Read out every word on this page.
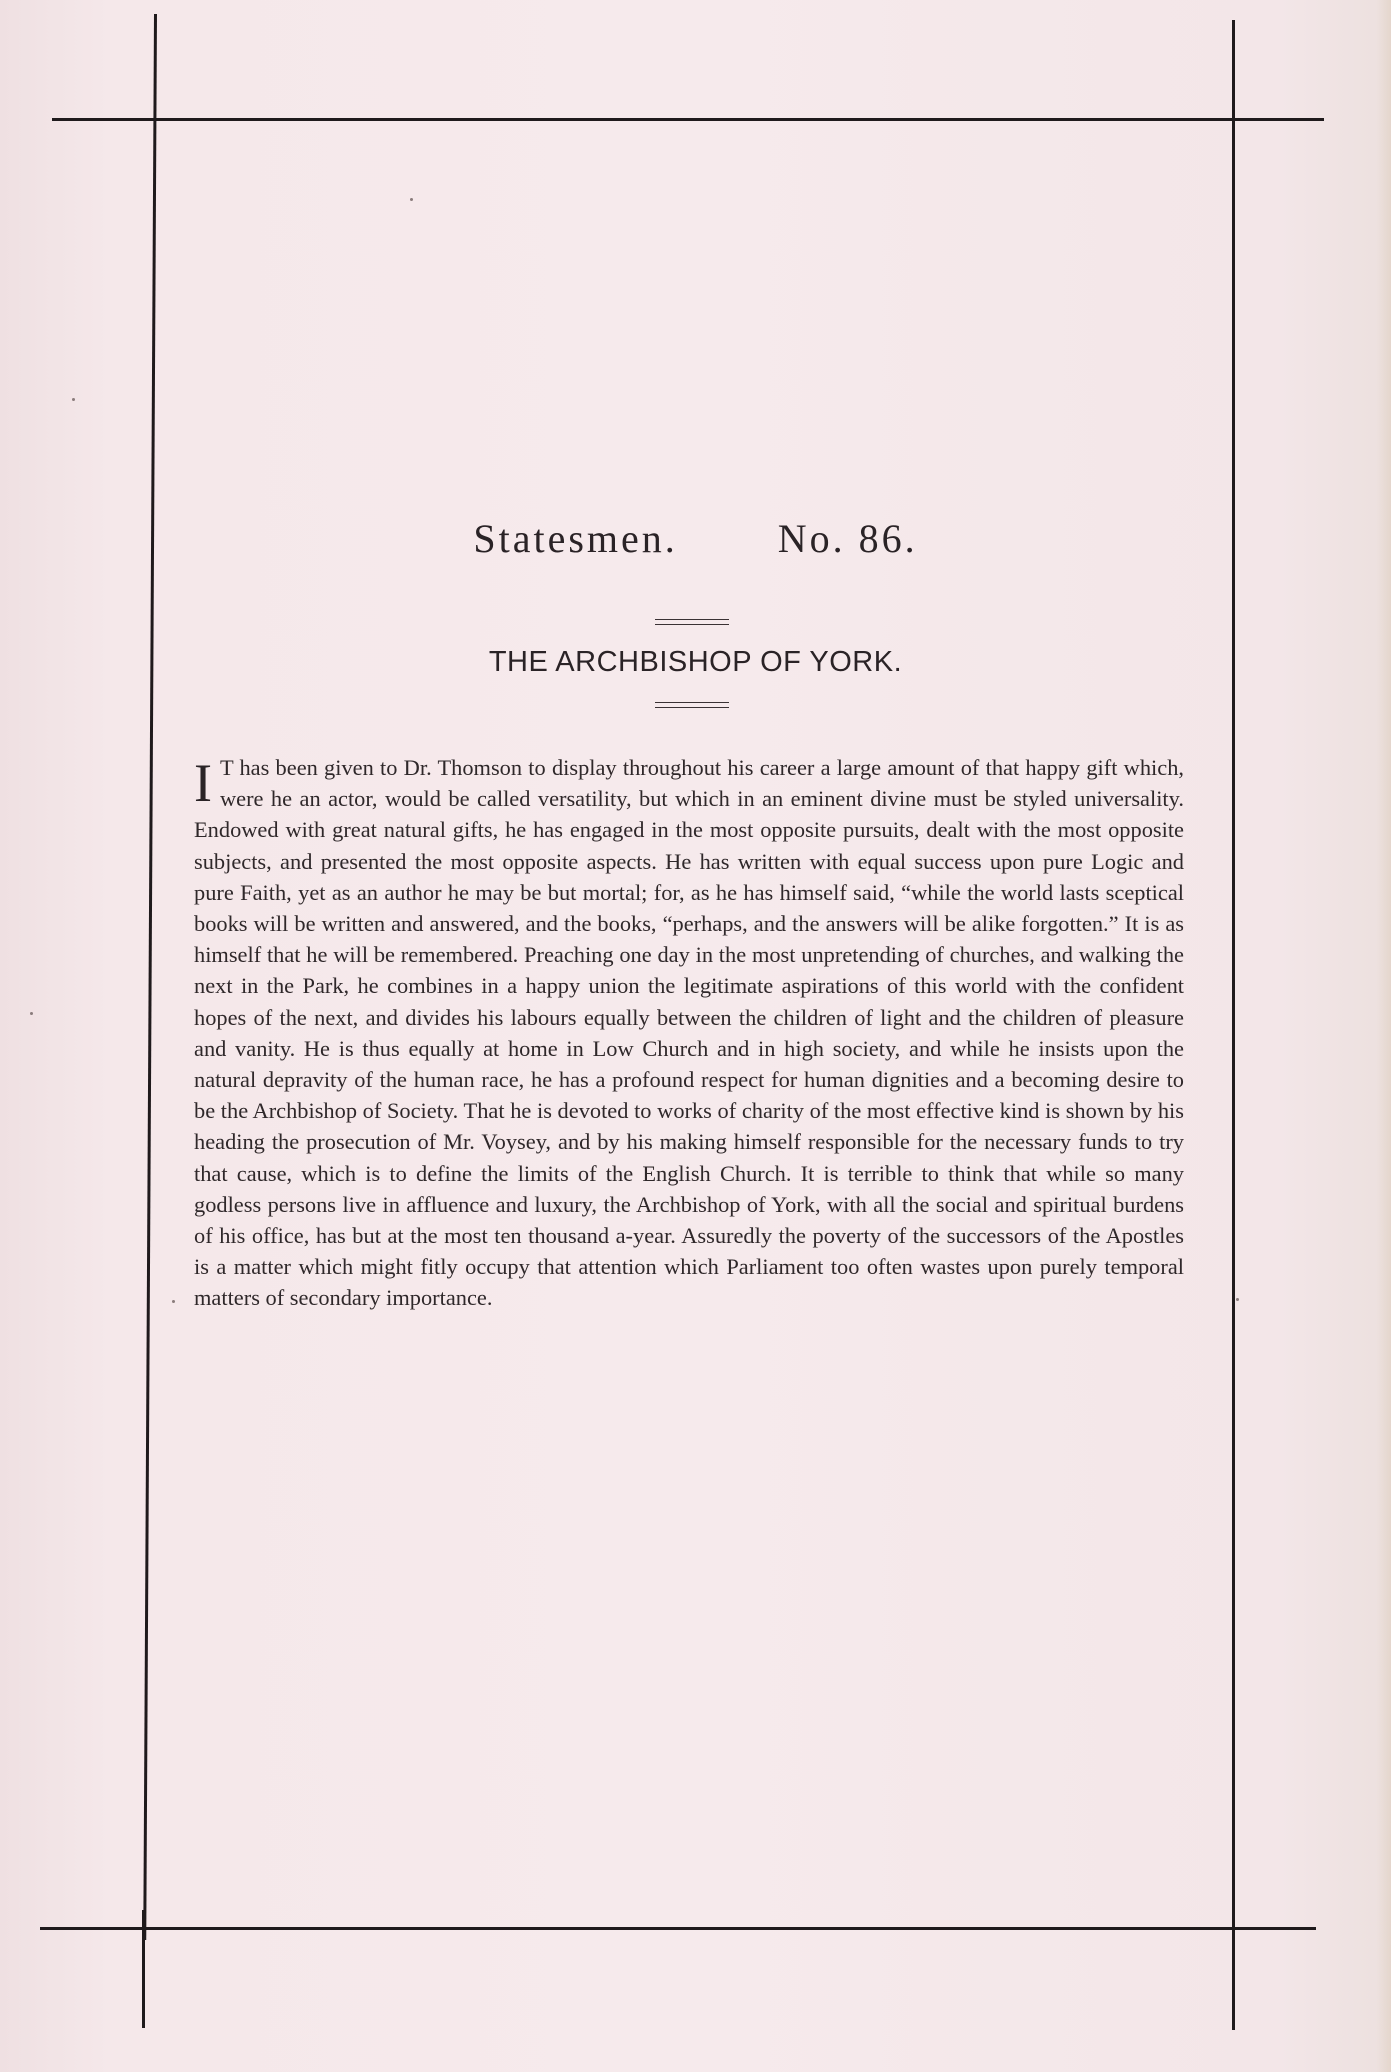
Statesmen.	No. 86.
THE ARCHBISHOP OF YORK.
I T has been given to Dr. Thomson to display throughout his career a large amount of that happy gift which, were he an actor, would be called versatility, but which in an eminent divine must be styled universality. Endowed with great natural gifts, he has engaged in the most opposite pursuits, dealt with the most opposite subjects, and presented the most opposite aspects. He has written with equal success upon pure Logic and pure Faith, yet as an author he may be but mortal; for, as he has himself said, “while the world lasts sceptical books will be written and answered, and the books, “perhaps, and the answers will be alike forgotten.” It is as himself that he will be remembered. Preaching one day in the most unpretending of churches, and walking the next in the Park, he combines in a happy union the legitimate aspirations of this world with the confident hopes of the next, and divides his labours equally between the children of light and the children of pleasure and vanity. He is thus equally at home in Low Church and in high society, and while he insists upon the natural depravity of the human race, he has a profound respect for human dignities and a becoming desire to be the Archbishop of Society. That he is devoted to works of charity of the most effective kind is shown by his heading the prosecution of Mr. Voysey, and by his making himself responsible for the necessary funds to try that cause, which is to define the limits of the English Church. It is terrible to think that while so many godless persons live in affluence and luxury, the Archbishop of York, with all the social and spiritual burdens of his office, has but at the most ten thousand a-year. Assuredly the poverty of the successors of the Apostles is a matter which might fitly occupy that attention which Parliament too often wastes upon purely temporal matters of secondary importance.
